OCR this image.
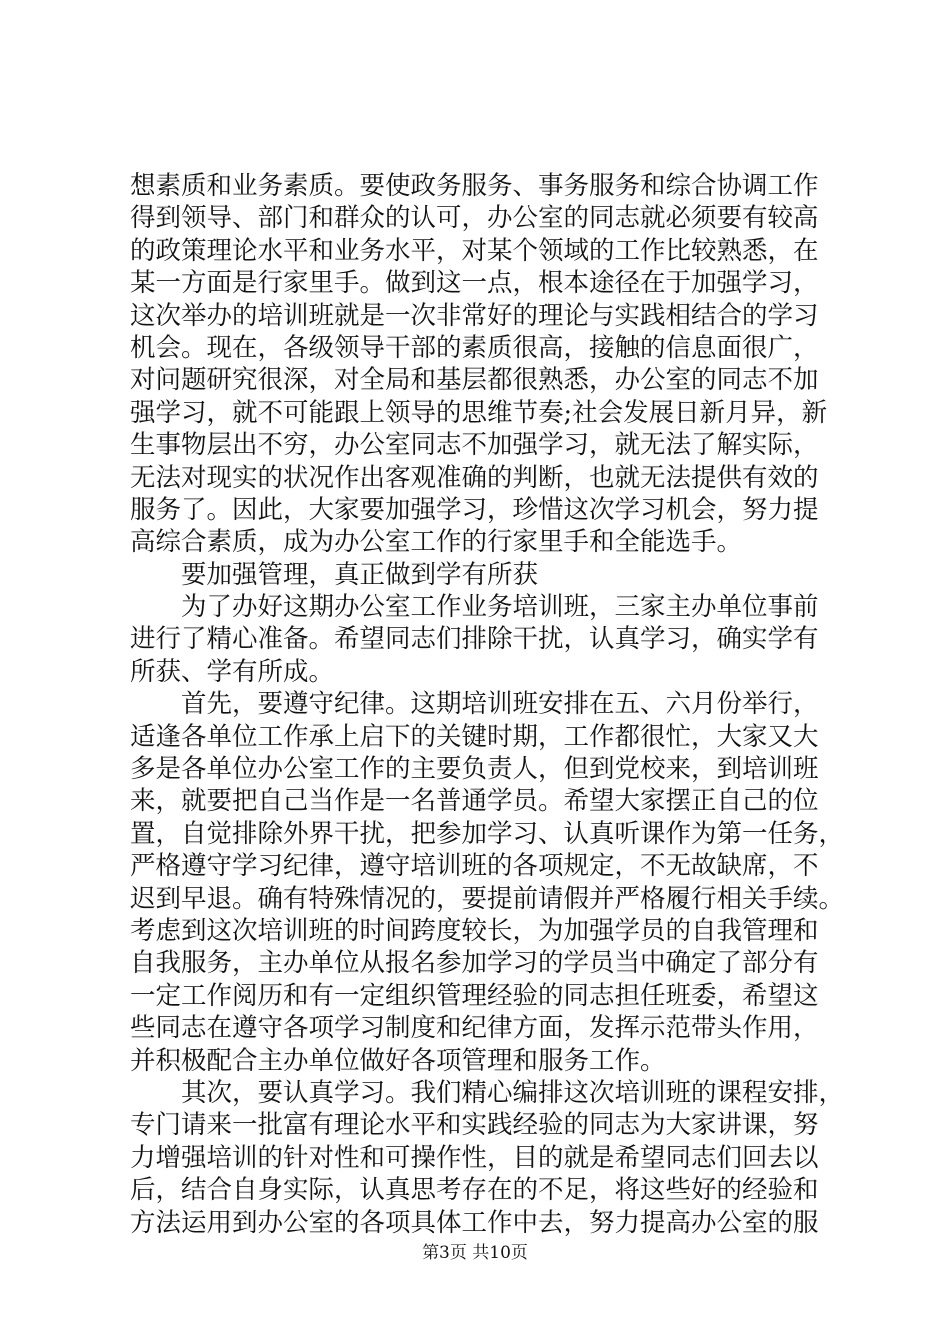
想素质和业务素质。要使政务服务、事务服务和综合协调工作
得到领导、部门和群众的认可，办公室的同志就必须要有较高
的政策理论水平和业务水平，对某个领域的工作比较熟悉，在
某一方面是行家里手。做到这一点，根本途径在于加强学习，
这次举办的培训班就是一次非常好的理论与实践相结合的学习
机会。现在，各级领导干部的素质很高，接触的信息面很广，
对问题研究很深，对全局和基层都很熟悉，办公室的同志不加
强学习，就不可能跟上领导的思维节奏;社会发展日新月异，新
生事物层出不穷，办公室同志不加强学习，就无法了解实际，
无法对现实的状况作出客观准确的判断，也就无法提供有效的
服务了。因此，大家要加强学习，珍惜这次学习机会，努力提
高综合素质，成为办公室工作的行家里手和全能选手。
要加强管理，真正做到学有所获
为了办好这期办公室工作业务培训班，三家主办单位事前
进行了精心准备。希望同志们排除干扰，认真学习，确实学有
所获、学有所成。
首先，要遵守纪律。这期培训班安排在五、六月份举行，
适逢各单位工作承上启下的关键时期，工作都很忙，大家又大
多是各单位办公室工作的主要负责人，但到党校来，到培训班
来，就要把自己当作是一名普通学员。希望大家摆正自己的位
置，自觉排除外界干扰，把参加学习、认真听课作为第一任务，
严格遵守学习纪律，遵守培训班的各项规定，不无故缺席，不
迟到早退。确有特殊情况的，要提前请假并严格履行相关手续。
考虑到这次培训班的时间跨度较长，为加强学员的自我管理和
自我服务，主办单位从报名参加学习的学员当中确定了部分有
一定工作阅历和有一定组织管理经验的同志担任班委，希望这
些同志在遵守各项学习制度和纪律方面，发挥示范带头作用，
并积极配合主办单位做好各项管理和服务工作。
其次，要认真学习。我们精心编排这次培训班的课程安排，
专门请来一批富有理论水平和实践经验的同志为大家讲课，努
力增强培训的针对性和可操作性，目的就是希望同志们回去以
后，结合自身实际，认真思考存在的不足，将这些好的经验和
方法运用到办公室的各项具体工作中去，努力提高办公室的服
第3页 共10页
